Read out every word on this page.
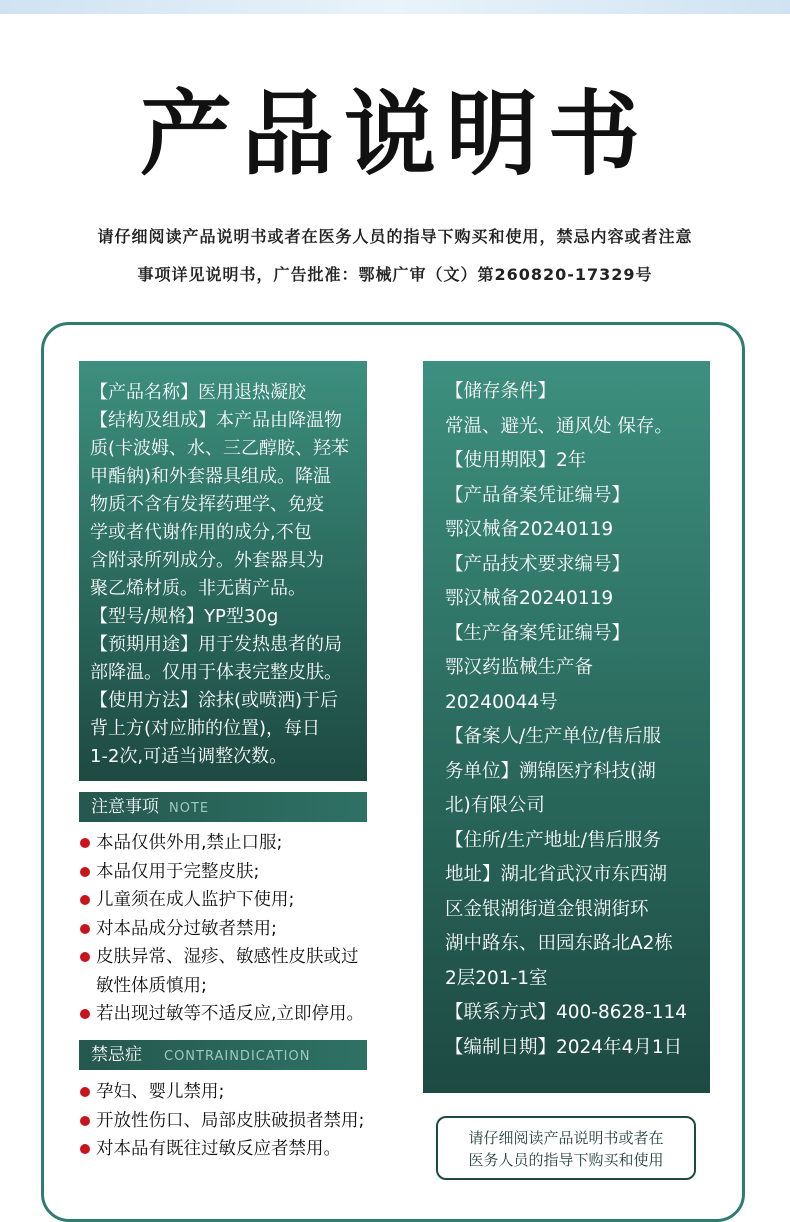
产品说明书
请仔细阅读产品说明书或者在医务人员的指导下购买和使用，禁忌内容或者注意
事项详见说明书，广告批准：鄂械广审（文）第260820-17329号
【产品名称】医用退热凝胶
【结构及组成】本产品由降温物
质(卡波姆、水、三乙醇胺、羟苯
甲酯钠)和外套器具组成。降温
物质不含有发挥药理学、免疫
学或者代谢作用的成分,不包
含附录所列成分。外套器具为
聚乙烯材质。非无菌产品。
【型号/规格】YP型30g
【预期用途】用于发热患者的局
部降温。仅用于体表完整皮肤。
【使用方法】涂抹(或喷洒)于后
背上方(对应肺的位置)，每日
1-2次,可适当调整次数。
注意事项 NOTE
本品仅供外用,禁止口服;
本品仅用于完整皮肤;
儿童须在成人监护下使用;
对本品成分过敏者禁用;
皮肤异常、湿疹、敏感性皮肤或过
敏性体质慎用;
若出现过敏等不适反应,立即停用。
禁忌症 CONTRAINDICATION
孕妇、婴儿禁用;
开放性伤口、局部皮肤破损者禁用;
对本品有既往过敏反应者禁用。
【储存条件】
常温、避光、通风处 保存。
【使用期限】2年
【产品备案凭证编号】
鄂汉械备20240119
【产品技术要求编号】
鄂汉械备20240119
【生产备案凭证编号】
鄂汉药监械生产备
20240044号
【备案人/生产单位/售后服
务单位】溯锦医疗科技(湖
北)有限公司
【住所/生产地址/售后服务
地址】湖北省武汉市东西湖
区金银湖街道金银湖街环
湖中路东、田园东路北A2栋
2层201-1室
【联系方式】400-8628-114
【编制日期】2024年4月1日
请仔细阅读产品说明书或者在
医务人员的指导下购买和使用
